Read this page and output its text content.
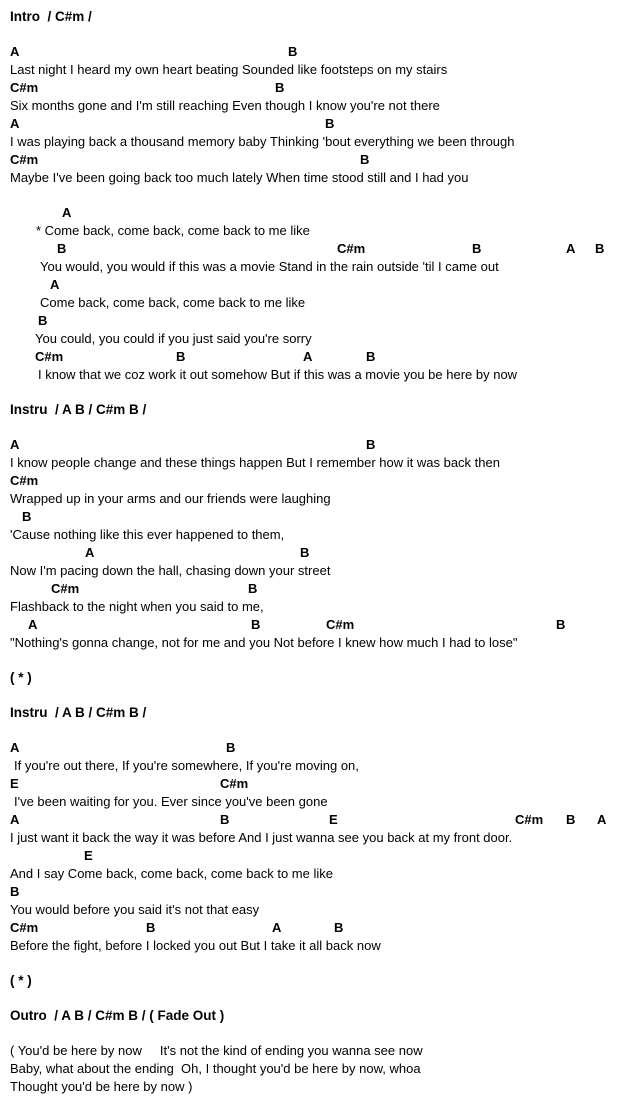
Intro  / C#m /
A	B
Last night I heard my own heart beating Sounded like footsteps on my stairs
C#m	B
Six months gone and I'm still reaching Even though I know you're not there
A	B
I was playing back a thousand memory baby Thinking 'bout everything we been through
C#m	B
Maybe I've been going back too much lately When time stood still and I had you
A
* Come back, come back, come back to me like
B	C#m	B	A B
You would, you would if this was a movie Stand in the rain outside 'til I came out
A
Come back, come back, come back to me like
B
You could, you could if you just said you're sorry
C#m	B	A	B
I know that we coz work it out somehow But if this was a movie you be here by now
Instru  / A B / C#m B /
A	B
I know people change and these things happen But I remember how it was back then
C#m
Wrapped up in your arms and our friends were laughing
B
'Cause nothing like this ever happened to them,
A	B
Now I'm pacing down the hall, chasing down your street
C#m	B
Flashback to the night when you said to me,
A	B	C#m	B
"Nothing's gonna change, not for me and you Not before I knew how much I had to lose"
( * )
Instru  / A B / C#m B /
A	B
If you're out there, If you're somewhere, If you're moving on,
E	C#m
I've been waiting for you. Ever since you've been gone
A	B	E	C#m B A
I just want it back the way it was before And I just wanna see you back at my front door.
E
And I say Come back, come back, come back to me like
B
You would before you said it's not that easy
C#m	B	A	B
Before the fight, before I locked you out But I take it all back now
( * )
Outro  / A B / C#m B / ( Fade Out )
( You'd be here by now     It's not the kind of ending you wanna see now
Baby, what about the ending  Oh, I thought you'd be here by now, whoa
Thought you'd be here by now )
